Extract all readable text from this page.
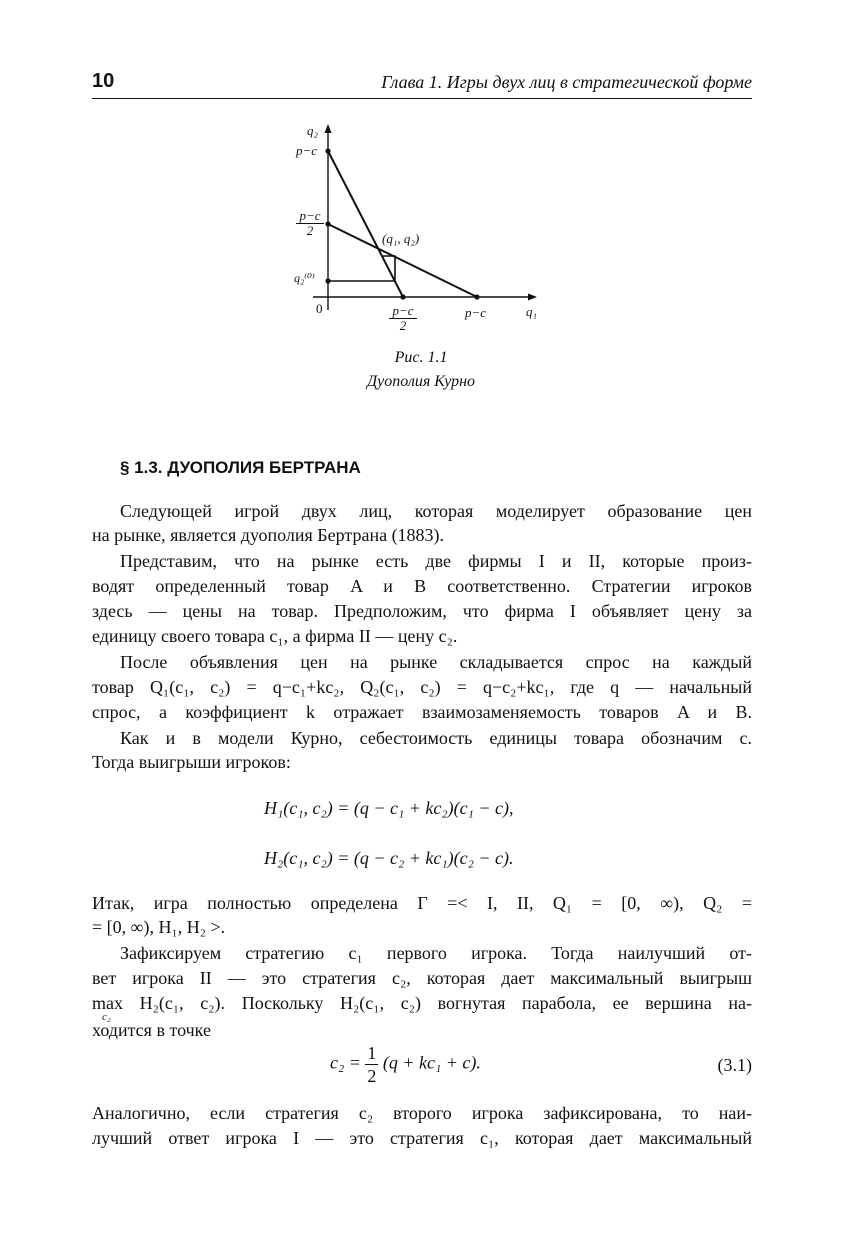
10	Глава 1. Игры двух лиц в стратегической форме
q₂
p−c
$\frac{p-c}{2}$
q₂⁽⁰⁾
0	$\frac{p-c}{2}$	p−c	q₁
(q₁, q₂)
Рис. 1.1
Дуополия Курно
§ 1.3. ДУОПОЛИЯ БЕРТРАНА
Следующей игрой двух лиц, которая моделирует образование цен
на рынке, является дуополия Бертрана (1883).
Представим, что на рынке есть две фирмы I и II, которые произ-
водят определенный товар A и B соответственно. Стратегии игроков
здесь — цены на товар. Предположим, что фирма I объявляет цену за
единицу своего товара c₁, а фирма II — цену c₂.
После объявления цен на рынке складывается спрос на каждый
товар Q₁(c₁, c₂) = q−c₁+kc₂, Q₂(c₁, c₂) = q−c₂+kc₁, где q — начальный
спрос, а коэффициент k отражает взаимозаменяемость товаров A и B.
Как и в модели Курно, себестоимость единицы товара обозначим c.
Тогда выигрыши игроков:
H₁(c₁, c₂) = (q − c₁ + kc₂)(c₁ − c),
H₂(c₁, c₂) = (q − c₂ + kc₁)(c₂ − c).
Итак, игра полностью определена Γ =< I, II, Q₁ = [0, ∞), Q₂ =
= [0, ∞), H₁, H₂ >.
Зафиксируем стратегию c₁ первого игрока. Тогда наилучший от-
вет игрока II — это стратегия c₂, которая дает максимальный выигрыш
max H₂(c₁, c₂). Поскольку H₂(c₁, c₂) вогнутая парабола, ее вершина на-
c₂
ходится в точке
$c_2 = \frac{1}{2} (q + kc_1 + c)$.	(3.1)
Аналогично, если стратегия c₂ второго игрока зафиксирована, то наи-
лучший ответ игрока I — это стратегия c₁, которая дает максимальный
